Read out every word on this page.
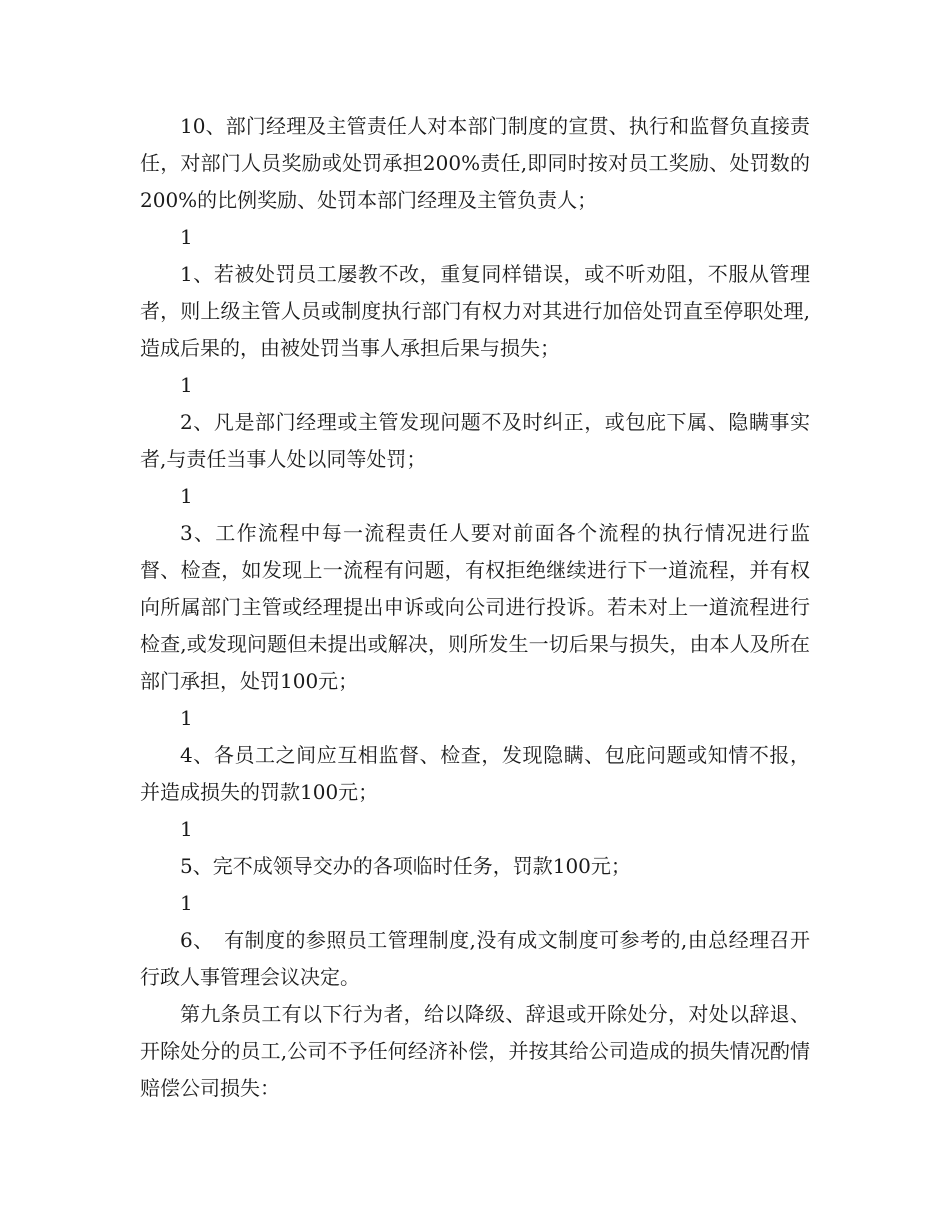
10、部门经理及主管责任人对本部门制度的宣贯、执行和监督负直接责任，对部门人员奖励或处罚承担200%责任,即同时按对员工奖励、处罚数的200%的比例奖励、处罚本部门经理及主管负责人；

1

1、若被处罚员工屡教不改，重复同样错误，或不听劝阻，不服从管理者，则上级主管人员或制度执行部门有权力对其进行加倍处罚直至停职处理,造成后果的，由被处罚当事人承担后果与损失；

1

2、凡是部门经理或主管发现问题不及时纠正，或包庇下属、隐瞒事实者,与责任当事人处以同等处罚；

1

3、工作流程中每一流程责任人要对前面各个流程的执行情况进行监督、检查，如发现上一流程有问题，有权拒绝继续进行下一道流程，并有权向所属部门主管或经理提出申诉或向公司进行投诉。若未对上一道流程进行检查,或发现问题但未提出或解决，则所发生一切后果与损失，由本人及所在部门承担，处罚100元；

1

4、各员工之间应互相监督、检查，发现隐瞒、包庇问题或知情不报，并造成损失的罚款100元；

1

5、完不成领导交办的各项临时任务，罚款100元；

1

6、　有制度的参照员工管理制度,没有成文制度可参考的,由总经理召开行政人事管理会议决定。

第九条员工有以下行为者，给以降级、辞退或开除处分，对处以辞退、开除处分的员工,公司不予任何经济补偿，并按其给公司造成的损失情况酌情赔偿公司损失：
